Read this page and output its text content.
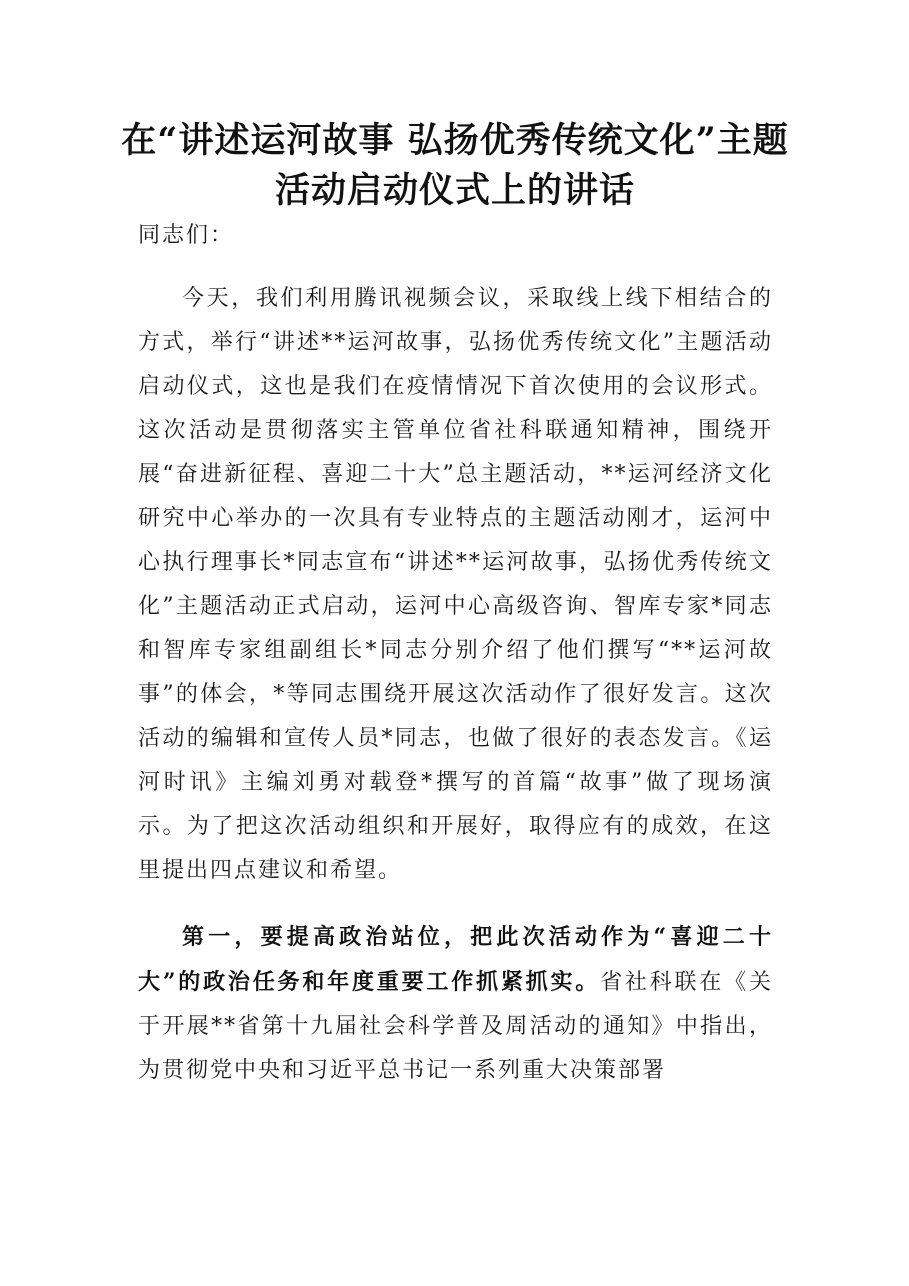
在“讲述运河故事 弘扬优秀传统文化”主题活动启动仪式上的讲话

同志们：

今天，我们利用腾讯视频会议，采取线上线下相结合的方式，举行“讲述**运河故事，弘扬优秀传统文化”主题活动启动仪式，这也是我们在疫情情况下首次使用的会议形式。这次活动是贯彻落实主管单位省社科联通知精神，围绕开展“奋进新征程、喜迎二十大”总主题活动，**运河经济文化研究中心举办的一次具有专业特点的主题活动刚才，运河中心执行理事长*同志宣布“讲述**运河故事，弘扬优秀传统文化”主题活动正式启动，运河中心高级咨询、智库专家*同志和智库专家组副组长*同志分别介绍了他们撰写“**运河故事”的体会，*等同志围绕开展这次活动作了很好发言。这次活动的编辑和宣传人员*同志，也做了很好的表态发言。《运河时讯》主编刘勇对载登*撰写的首篇“故事”做了现场演示。为了把这次活动组织和开展好，取得应有的成效，在这里提出四点建议和希望。

第一，要提高政治站位，把此次活动作为“喜迎二十大”的政治任务和年度重要工作抓紧抓实。省社科联在《关于开展**省第十九届社会科学普及周活动的通知》中指出，为贯彻党中央和习近平总书记一系列重大决策部署
